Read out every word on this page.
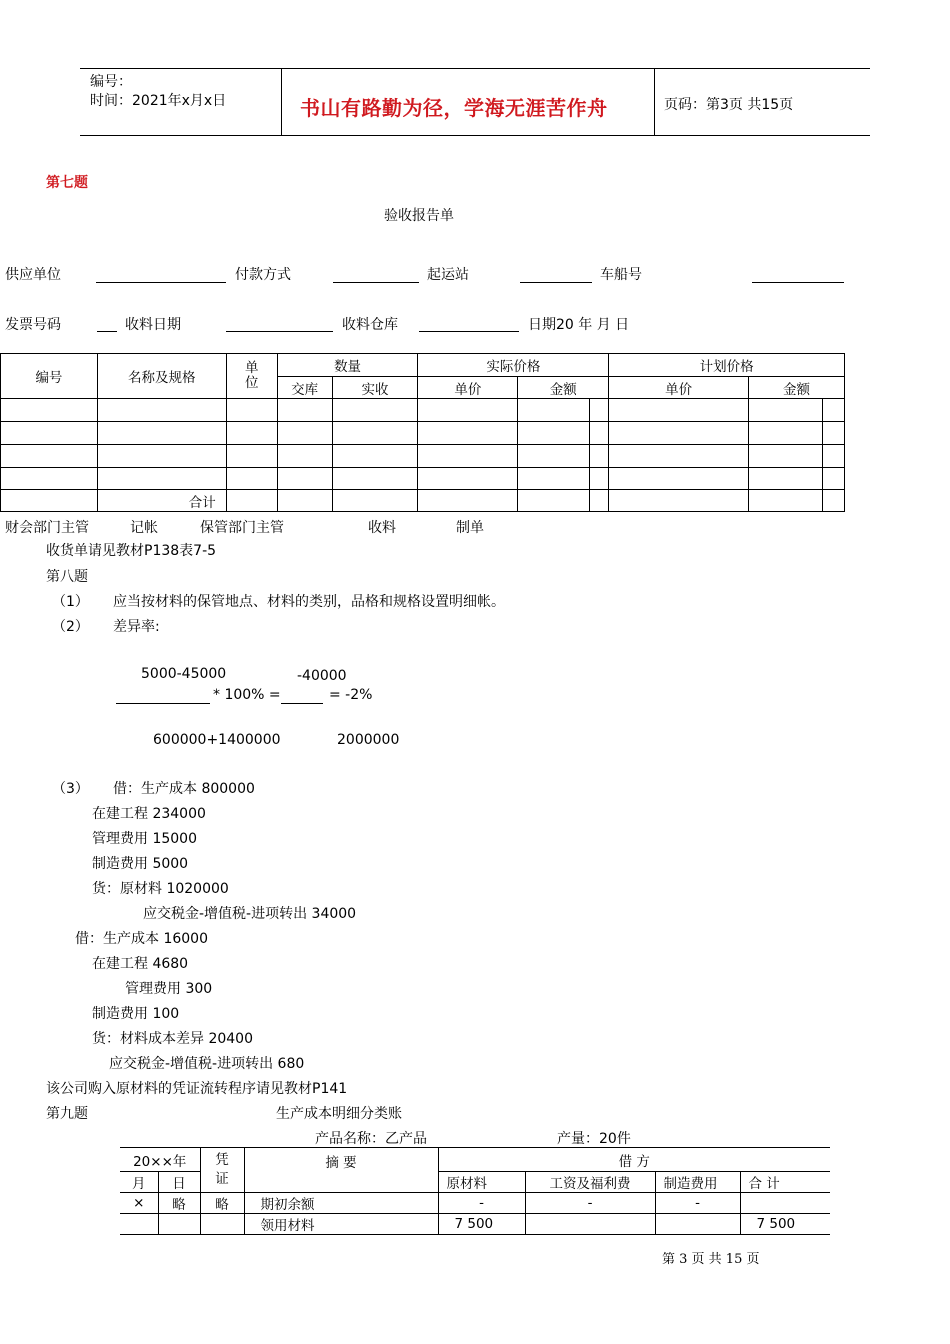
编号：
时间：2021年x月x日	书山有路勤为径，学海无涯苦作舟	页码：第3页 共15页
第七题
验收报告单
供应单位	付款方式	起运站	车船号
发票号码	收料日期	收料仓库	日期20 年 月 日
编号	名称及规格	单位	数量		实际价格			计划价格		
			交库	实收	单价	金额		单价	金额	

	合计									
财会部门主管	记帐	保管部门主管	收料	制单
收货单请见教材P138表7-5
第八题
（1） 应当按材料的保管地点、材料的类别，品格和规格设置明细帐。
（2） 差异率:
5000-45000	-40000
* 100% =	= -2%
600000+1400000	2000000
（3） 借：生产成本 800000
在建工程 234000
管理费用 15000
制造费用 5000
货：原材料 1020000
应交税金-增值税-进项转出 34000
借：生产成本 16000
在建工程 4680
管理费用 300
制造费用 100
货：材料成本差异 20400
应交税金-增值税-进项转出 680
该公司购入原材料的凭证流转程序请见教材P141
第九题	生产成本明细分类账
产品名称：乙产品	产量：20件
20××年		凭证	摘 要	借 方			
月	日			原材料	工资及福利费	制造费用	合 计
×	略	略	期初余额	-	-	-	
			领用材料	7 500			7 500
第 3 页 共 15 页
